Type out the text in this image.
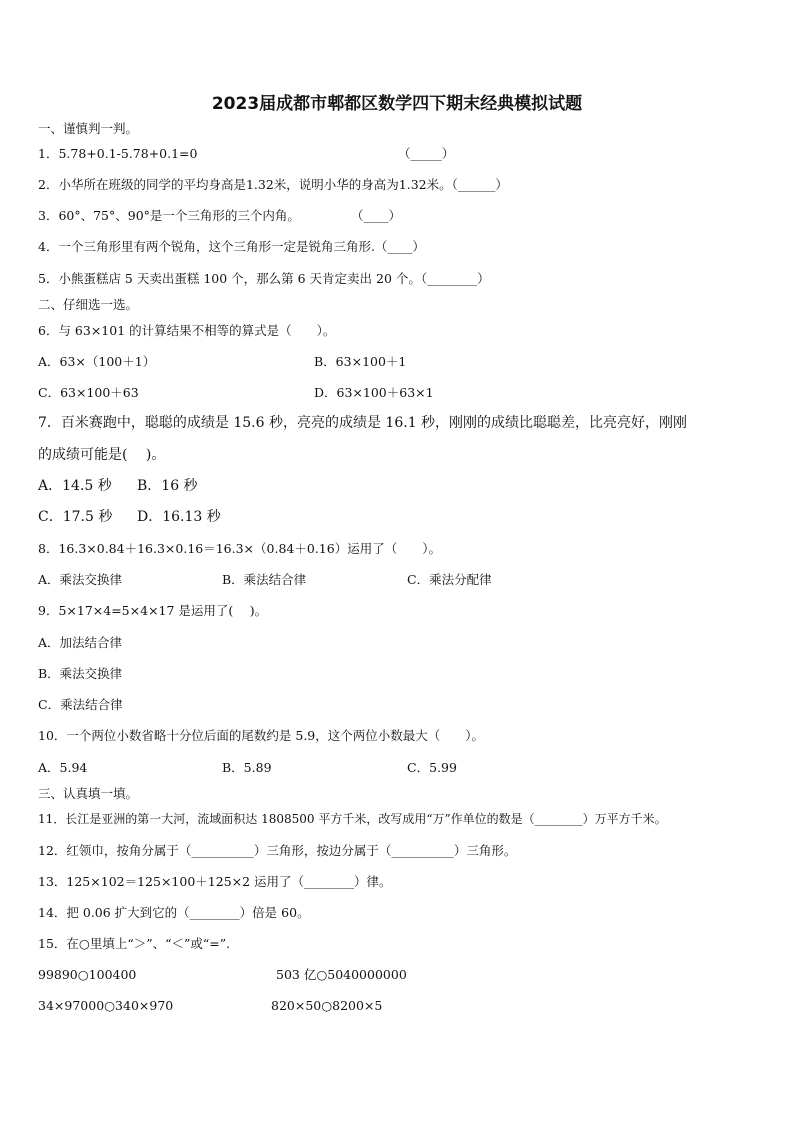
2023届成都市郫都区数学四下期末经典模拟试题
一、谨慎判一判。
1．5.78+0.1-5.78+0.1=0	（_____）
2．小华所在班级的同学的平均身高是1.32米，说明小华的身高为1.32米。（______）
3．60°、75°、90°是一个三角形的三个内角。	（____）
4．一个三角形里有两个锐角，这个三角形一定是锐角三角形.（____）
5．小熊蛋糕店 5 天卖出蛋糕 100 个，那么第 6 天肯定卖出 20 个。（________）
二、仔细选一选。
6．与 63×101 的计算结果不相等的算式是（　　）。
A．63×（100＋1）	B．63×100＋1
C．63×100＋63	D．63×100＋63×1
7．百米赛跑中，聪聪的成绩是 15.6 秒，亮亮的成绩是 16.1 秒，刚刚的成绩比聪聪差，比亮亮好，刚刚
的成绩可能是(　 )。
A．14.5 秒 B．16 秒
C．17.5 秒 D．16.13 秒
8．16.3×0.84＋16.3×0.16＝16.3×（0.84＋0.16）运用了（　　）。
A．乘法交换律	B．乘法结合律	C．乘法分配律
9．5×17×4=5×4×17 是运用了(　 )。
A．加法结合律
B．乘法交换律
C．乘法结合律
10．一个两位小数省略十分位后面的尾数约是 5.9，这个两位小数最大（　　）。
A．5.94	B．5.89	C．5.99
三、认真填一填。
11．长江是亚洲的第一大河，流域面积达 1808500 平方千米，改写成用“万”作单位的数是（________）万平方千米。
12．红领巾，按角分属于（__________）三角形，按边分属于（__________）三角形。
13．125×102＝125×100＋125×2 运用了（________）律。
14．把 0.06 扩大到它的（________）倍是 60。
15．在○里填上“＞”、“＜”或“=”.
99890○100400	503 亿○5040000000
34×97000○340×970	820×50○8200×5
